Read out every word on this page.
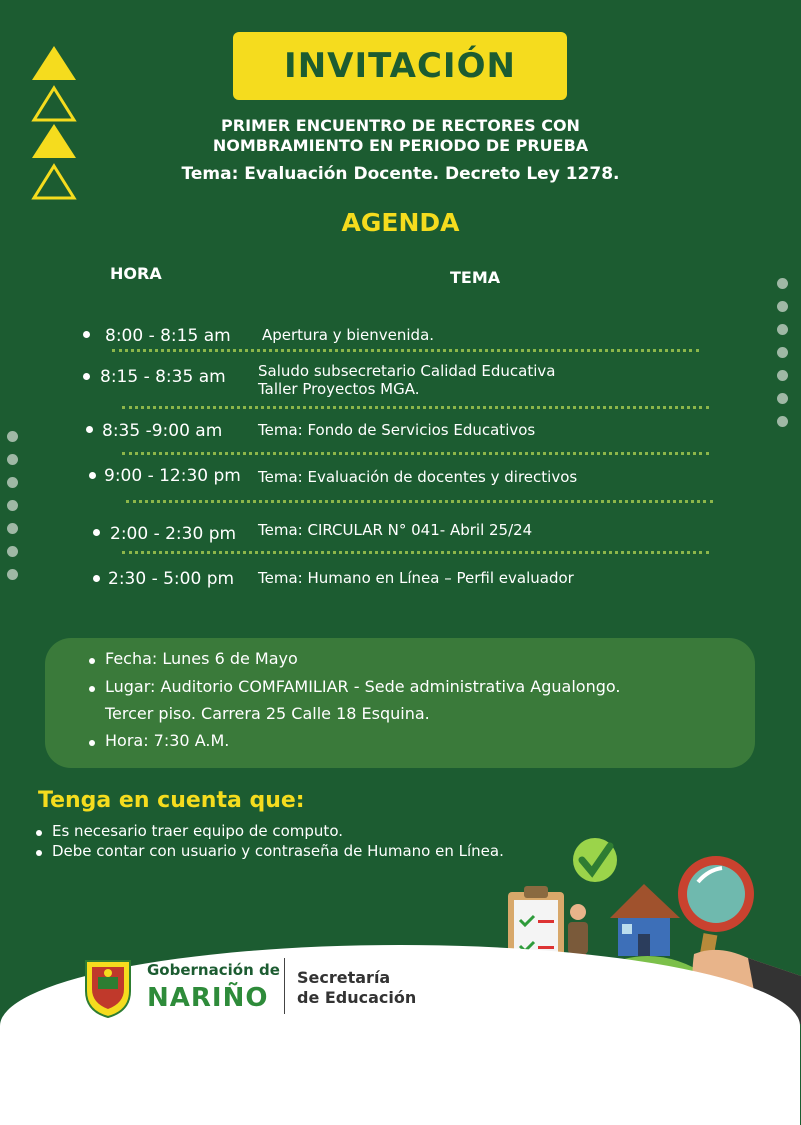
INVITACIÓN
PRIMER ENCUENTRO DE RECTORES CON
NOMBRAMIENTO EN PERIODO DE PRUEBA
Tema: Evaluación Docente. Decreto Ley 1278.
AGENDA
HORA	TEMA
8:00 - 8:15 am Apertura y bienvenida.
8:15 - 8:35 am Saludo subsecretario Calidad Educativa
Taller Proyectos MGA.
8:35 -9:00 am Tema: Fondo de Servicios Educativos
9:00 - 12:30 pm Tema: Evaluación de docentes y directivos
2:00 - 2:30 pm Tema: CIRCULAR N° 041- Abril 25/24
2:30 - 5:00 pm Tema: Humano en Línea – Perfil evaluador
Fecha: Lunes 6 de Mayo
Lugar: Auditorio COMFAMILIAR - Sede administrativa Agualongo.
Tercer piso. Carrera 25 Calle 18 Esquina.
Hora: 7:30 A.M.
Tenga en cuenta que:
Es necesario traer equipo de computo.
Debe contar con usuario y contraseña de Humano en Línea.
Gobernación de
NARIÑO
Secretaría
de Educación
